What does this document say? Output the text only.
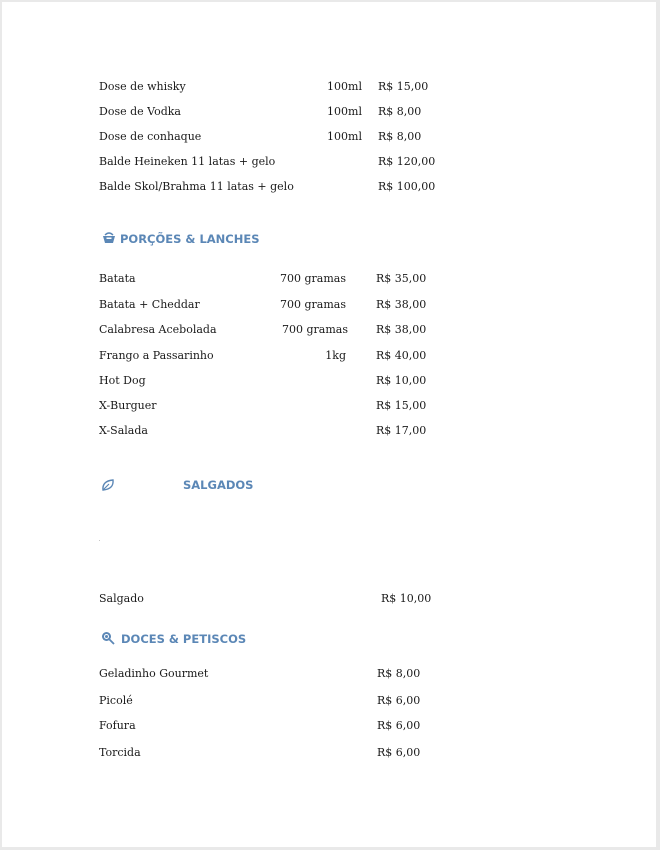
Dose de whisky	100ml R$ 15,00
Dose de Vodka	100ml R$ 8,00
Dose de conhaque	100ml R$ 8,00
Balde Heineken 11 latas + gelo	R$ 120,00
Balde Skol/Brahma 11 latas + gelo	R$ 100,00
PORÇÕES & LANCHES
Batata	700 gramas	R$ 35,00
Batata + Cheddar	700 gramas	R$ 38,00
Calabresa Acebolada	700 gramas	R$ 38,00
Frango a Passarinho	1kg	R$ 40,00
Hot Dog	R$ 10,00
X-Burguer	R$ 15,00
X-Salada	R$ 17,00
SALGADOS
Salgado	R$ 10,00
DOCES & PETISCOS
Geladinho Gourmet	R$ 8,00
Picolé	R$ 6,00
Fofura	R$ 6,00
Torcida	R$ 6,00
